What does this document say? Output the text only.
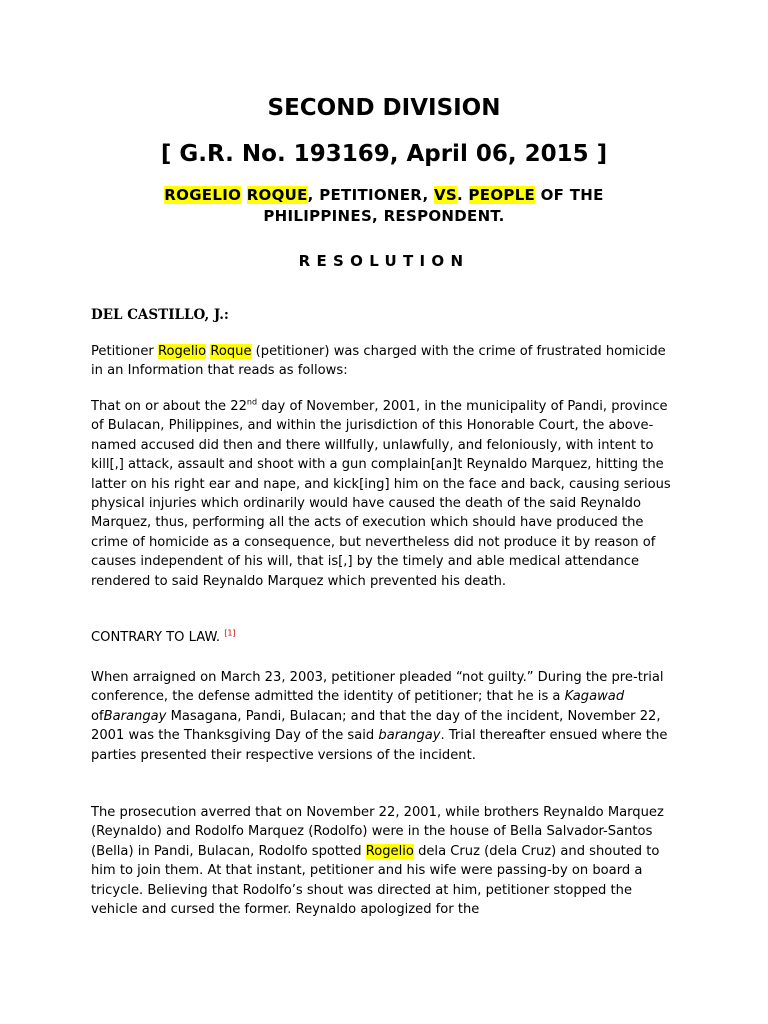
SECOND DIVISION

[ G.R. No. 193169, April 06, 2015 ]

ROGELIO ROQUE, PETITIONER, VS. PEOPLE OF THE
PHILIPPINES, RESPONDENT.

RESOLUTION

DEL CASTILLO, J.:

Petitioner Rogelio Roque (petitioner) was charged with the crime of frustrated homicide in an Information that reads as follows:

That on or about the 22nd day of November, 2001, in the municipality of Pandi, province of Bulacan, Philippines, and within the jurisdiction of this Honorable Court, the above-named accused did then and there willfully, unlawfully, and feloniously, with intent to kill[,] attack, assault and shoot with a gun complain[an]t Reynaldo Marquez, hitting the latter on his right ear and nape, and kick[ing] him on the face and back, causing serious physical injuries which ordinarily would have caused the death of the said Reynaldo Marquez, thus, performing all the acts of execution which should have produced the crime of homicide as a consequence, but nevertheless did not produce it by reason of causes independent of his will, that is[,] by the timely and able medical attendance rendered to said Reynaldo Marquez which prevented his death.

CONTRARY TO LAW. [1]

When arraigned on March 23, 2003, petitioner pleaded “not guilty.” During the pre-trial conference, the defense admitted the identity of petitioner; that he is a Kagawad ofBarangay Masagana, Pandi, Bulacan; and that the day of the incident, November 22, 2001 was the Thanksgiving Day of the said barangay. Trial thereafter ensued where the parties presented their respective versions of the incident.

The prosecution averred that on November 22, 2001, while brothers Reynaldo Marquez (Reynaldo) and Rodolfo Marquez (Rodolfo) were in the house of Bella Salvador-Santos (Bella) in Pandi, Bulacan, Rodolfo spotted Rogelio dela Cruz (dela Cruz) and shouted to him to join them. At that instant, petitioner and his wife were passing-by on board a tricycle. Believing that Rodolfo’s shout was directed at him, petitioner stopped the vehicle and cursed the former. Reynaldo apologized for the
